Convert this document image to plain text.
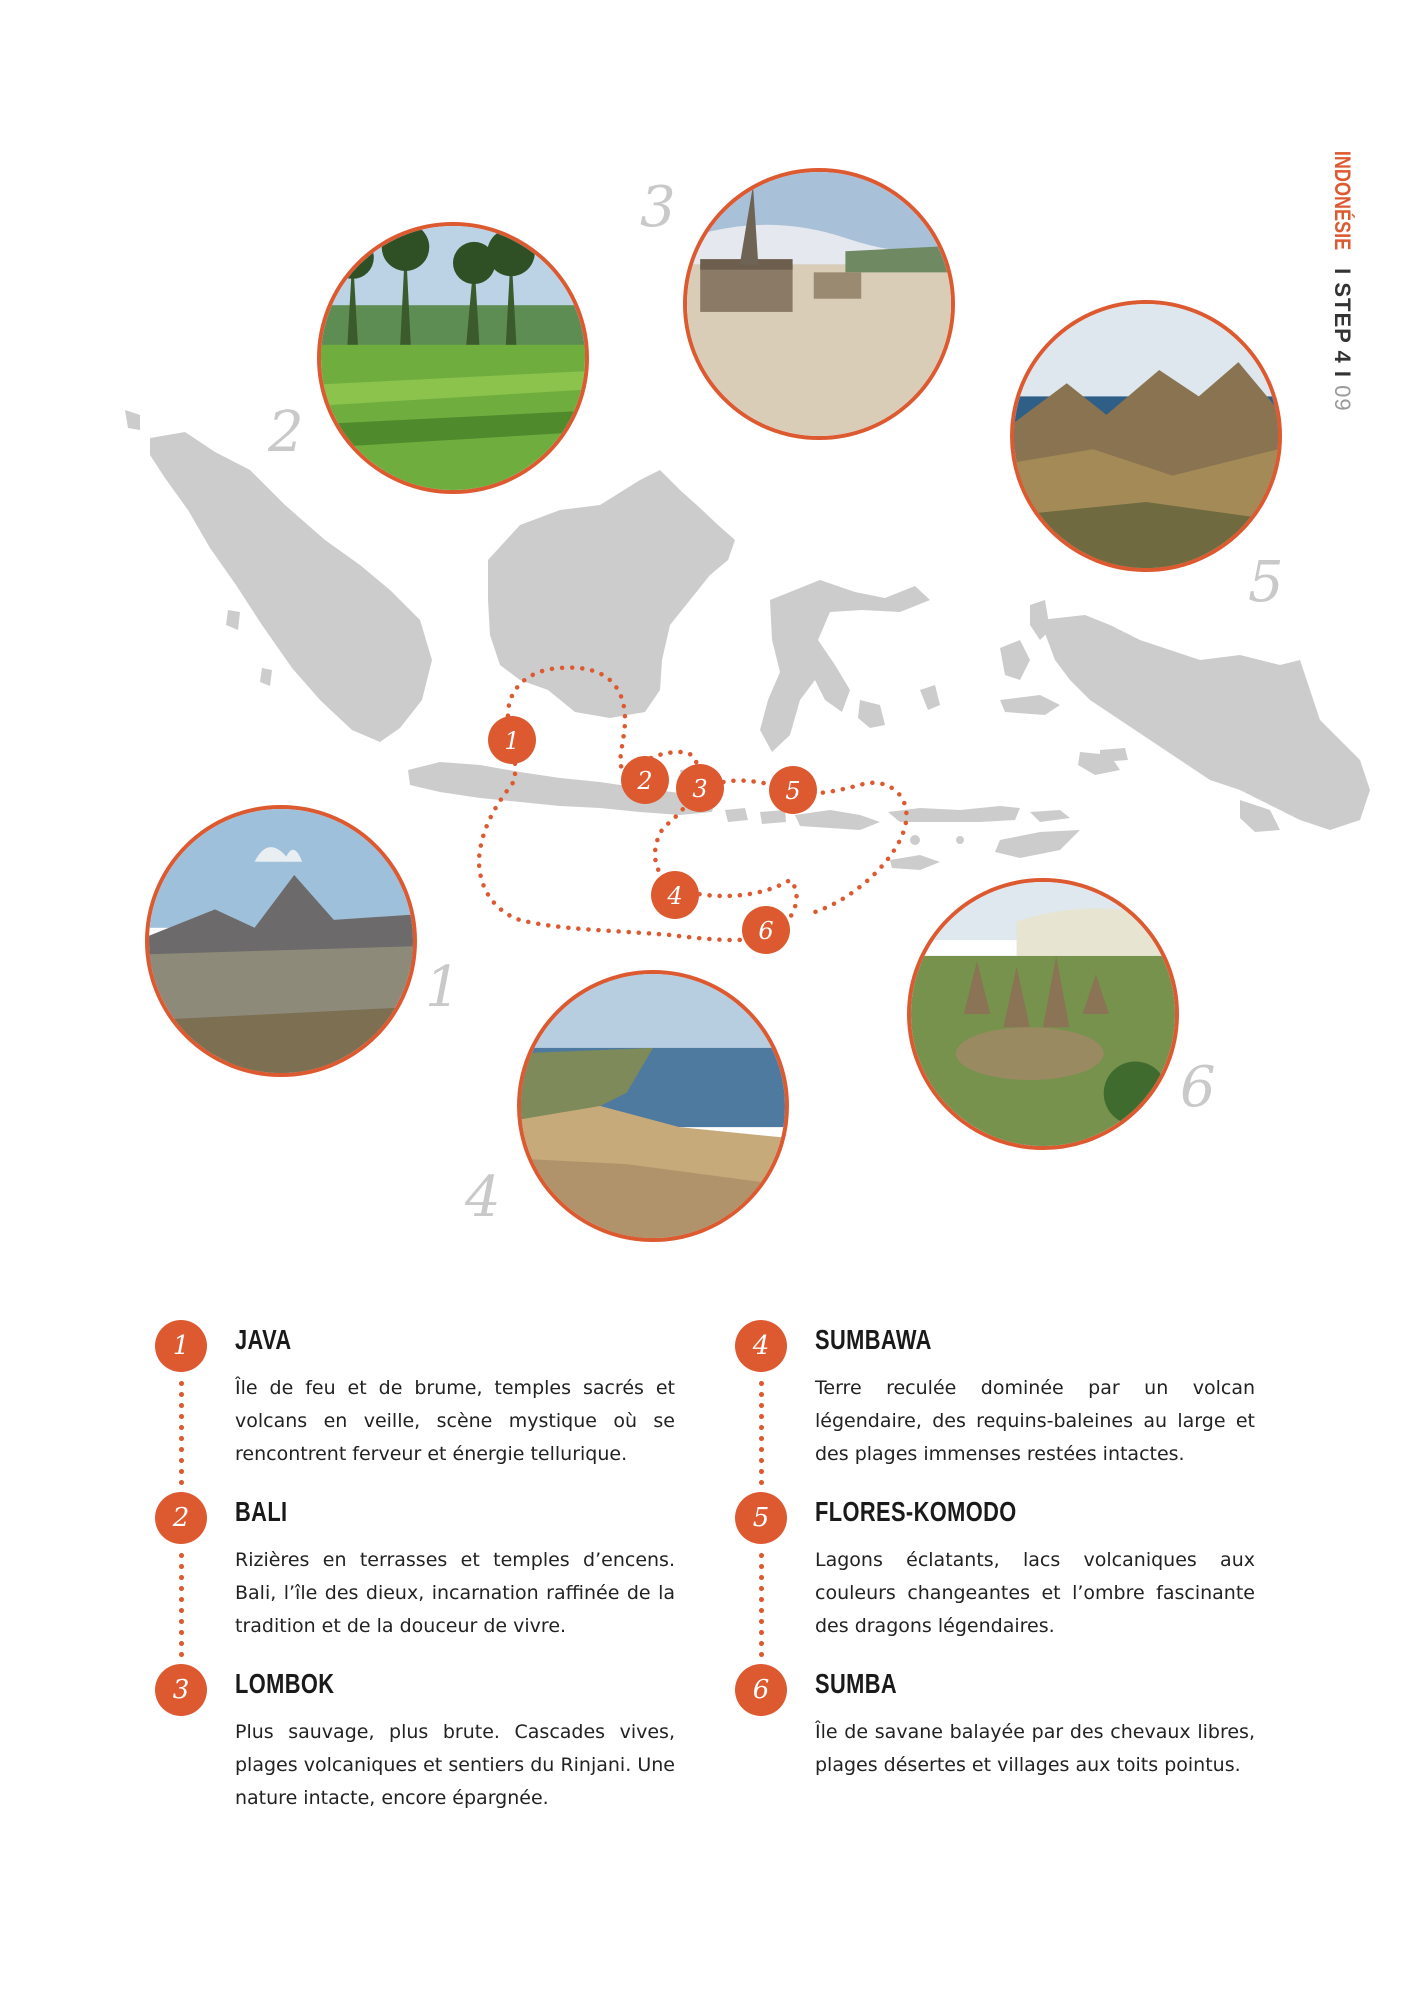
INDONÉSIE I STEP 4 I 09
1
2 3
4
5
6
1
2
3
4
5
6
1	JAVA
Île de feu et de brume, temples sacrés et volcans en veille, scène mystique où se rencontrent ferveur et énergie tellurique.
2	BALI
Rizières en terrasses et temples d’encens. Bali, l’île des dieux, incarnation raffinée de la tradition et de la douceur de vivre.
3	LOMBOK
Plus sauvage, plus brute. Cascades vives, plages volcaniques et sentiers du Rinjani. Une nature intacte, encore épargnée.
4	SUMBAWA
Terre reculée dominée par un volcan légendaire, des requins-baleines au large et des plages immenses restées intactes.
5	FLORES-KOMODO
Lagons éclatants, lacs volcaniques aux couleurs changeantes et l’ombre fascinante des dragons légendaires.
6	SUMBA
Île de savane balayée par des chevaux libres, plages désertes et villages aux toits pointus.
